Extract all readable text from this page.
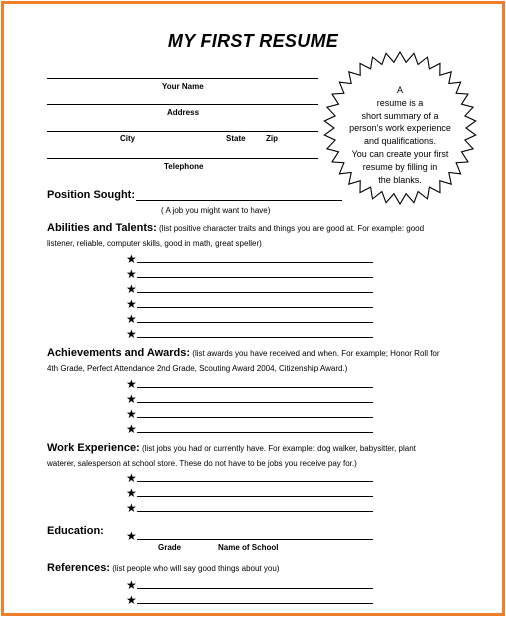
MY FIRST RESUME
Your Name
Address
City	State	Zip
Telephone
A
resume is a
short summary of a
person's work experience
and qualifications.
You can create your first
resume by filling in
the blanks.
Position Sought:
( A job you might want to have)
Abilities and Talents: (list positive character traits and things you are good at. For example: good
listener, reliable, computer skills, good in math, great speller)
★
★
★
★
★
★
Achievements and Awards: (list awards you have received and when. For example; Honor Roll for
4th Grade, Perfect Attendance 2nd Grade, Scouting Award 2004, Citizenship Award.)
★
★
★
★
Work Experience: (list jobs you had or currently have. For example: dog walker, babysitter, plant
waterer, salesperson at school store. These do not have to be jobs you receive pay for.)
★
★
★
Education: ★
Grade	Name of School
References: (list people who will say good things about you)
★
★
